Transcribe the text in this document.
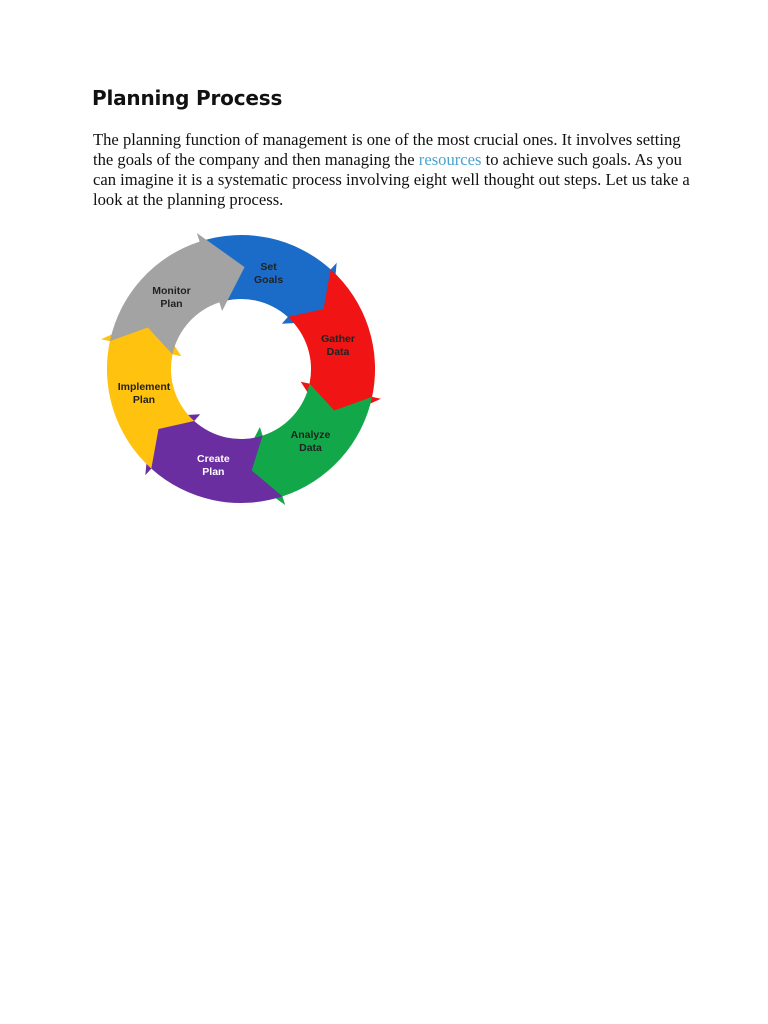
Planning Process

The planning function of management is one of the most crucial ones. It involves setting the goals of the company and then managing the resources to achieve such goals. As you can imagine it is a systematic process involving eight well thought out steps. Let us take a look at the planning process.

Set Goals
Gather Data
Analyze Data
Create Plan
Implement Plan
Monitor Plan
